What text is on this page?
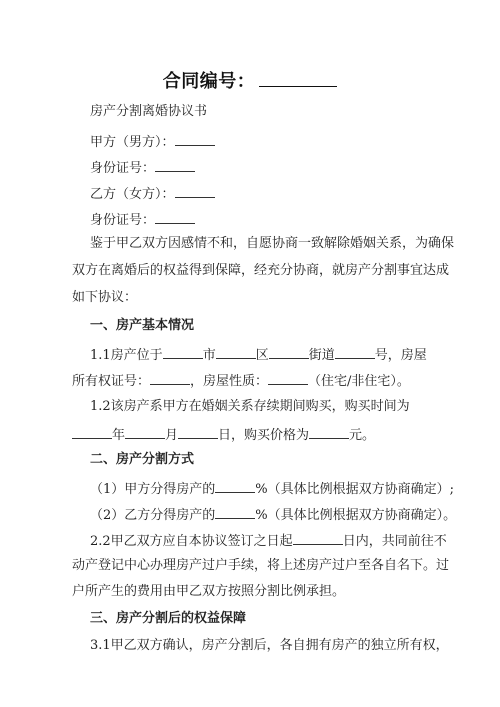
合同编号：
房产分割离婚协议书
甲方（男方）：
身份证号：
乙方（女方）：
身份证号：
鉴于甲乙双方因感情不和，自愿协商一致解除婚姻关系，为确保
双方在离婚后的权益得到保障，经充分协商，就房产分割事宜达成
如下协议：
一、房产基本情况
1.1房产位于	市	区	街道	号，房屋
所有权证号：	，房屋性质：	（住宅/非住宅）。
1.2该房产系甲方在婚姻关系存续期间购买，购买时间为
年	月	日，购买价格为	元。
二、房产分割方式
（1）甲方分得房产的	%（具体比例根据双方协商确定）;
（2）乙方分得房产的	%（具体比例根据双方协商确定）。
2.2甲乙双方应自本协议签订之日起	日内，共同前往不
动产登记中心办理房产过户手续，将上述房产过户至各自名下。过
户所产生的费用由甲乙双方按照分割比例承担。
三、房产分割后的权益保障
3.1甲乙双方确认，房产分割后，各自拥有房产的独立所有权，
